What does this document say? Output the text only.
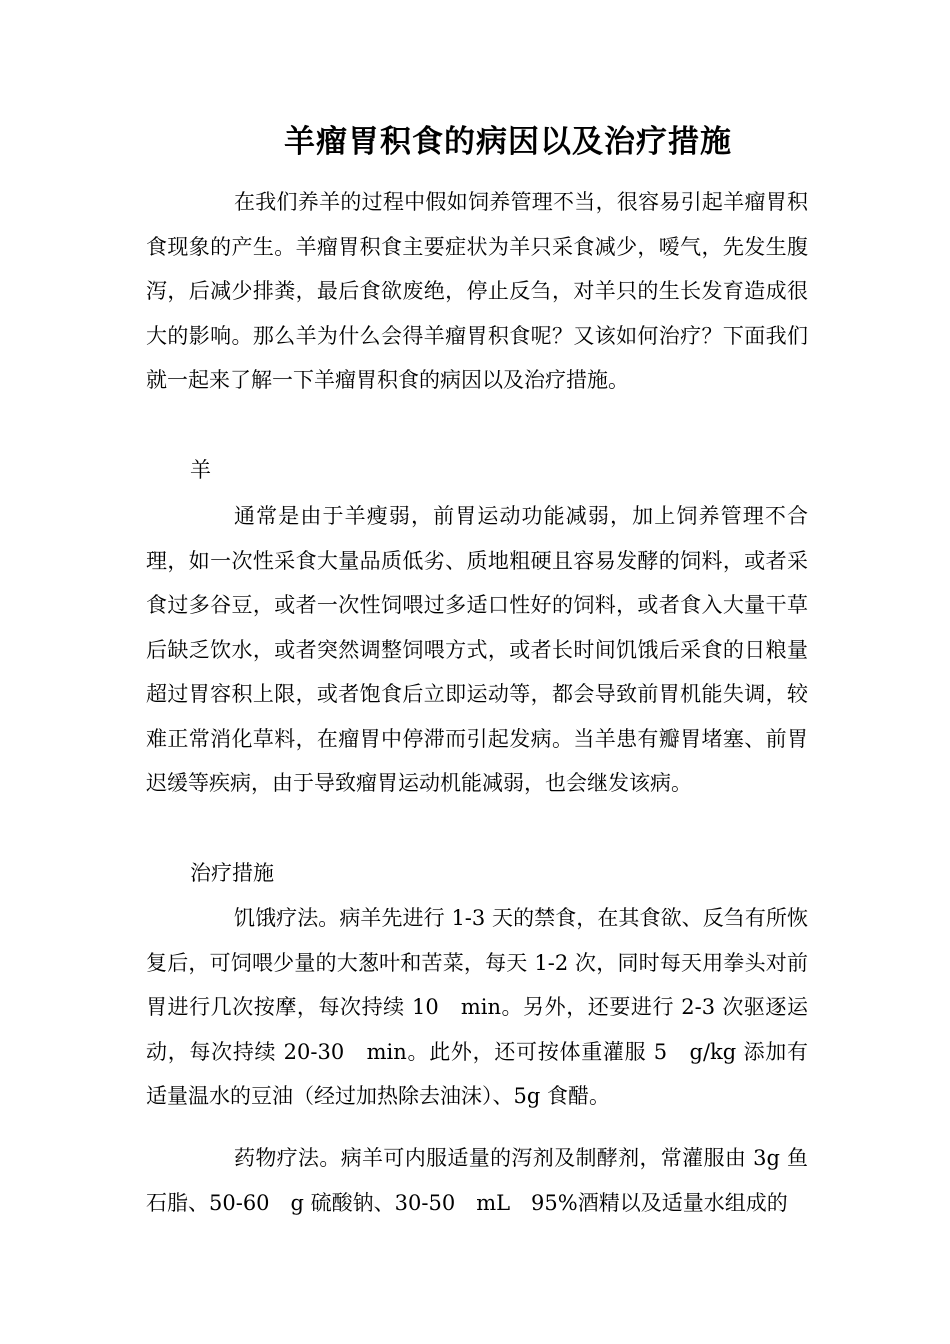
羊瘤胃积食的病因以及治疗措施
在我们养羊的过程中假如饲养管理不当，很容易引起羊瘤胃积食现象的产生。羊瘤胃积食主要症状为羊只采食减少，嗳气，先发生腹泻，后减少排粪，最后食欲废绝，停止反刍，对羊只的生长发育造成很大的影响。那么羊为什么会得羊瘤胃积食呢？又该如何治疗？下面我们就一起来了解一下羊瘤胃积食的病因以及治疗措施。
羊
通常是由于羊瘦弱，前胃运动功能减弱，加上饲养管理不合理，如一次性采食大量品质低劣、质地粗硬且容易发酵的饲料，或者采食过多谷豆，或者一次性饲喂过多适口性好的饲料，或者食入大量干草后缺乏饮水，或者突然调整饲喂方式，或者长时间饥饿后采食的日粮量超过胃容积上限，或者饱食后立即运动等，都会导致前胃机能失调，较难正常消化草料，在瘤胃中停滞而引起发病。当羊患有瓣胃堵塞、前胃迟缓等疾病，由于导致瘤胃运动机能减弱，也会继发该病。
治疗措施
饥饿疗法。病羊先进行 1-3 天的禁食，在其食欲、反刍有所恢复后，可饲喂少量的大葱叶和苦菜，每天 1-2 次，同时每天用拳头对前胃进行几次按摩，每次持续 10　min。另外，还要进行 2-3 次驱逐运动，每次持续 20-30　min。此外，还可按体重灌服 5　g/kg 添加有适量温水的豆油（经过加热除去油沫）、5g 食醋。
药物疗法。病羊可内服适量的泻剂及制酵剂，常灌服由 3g 鱼石脂、50-60　g 硫酸钠、30-50　mL　95%酒精以及适量水组成的
